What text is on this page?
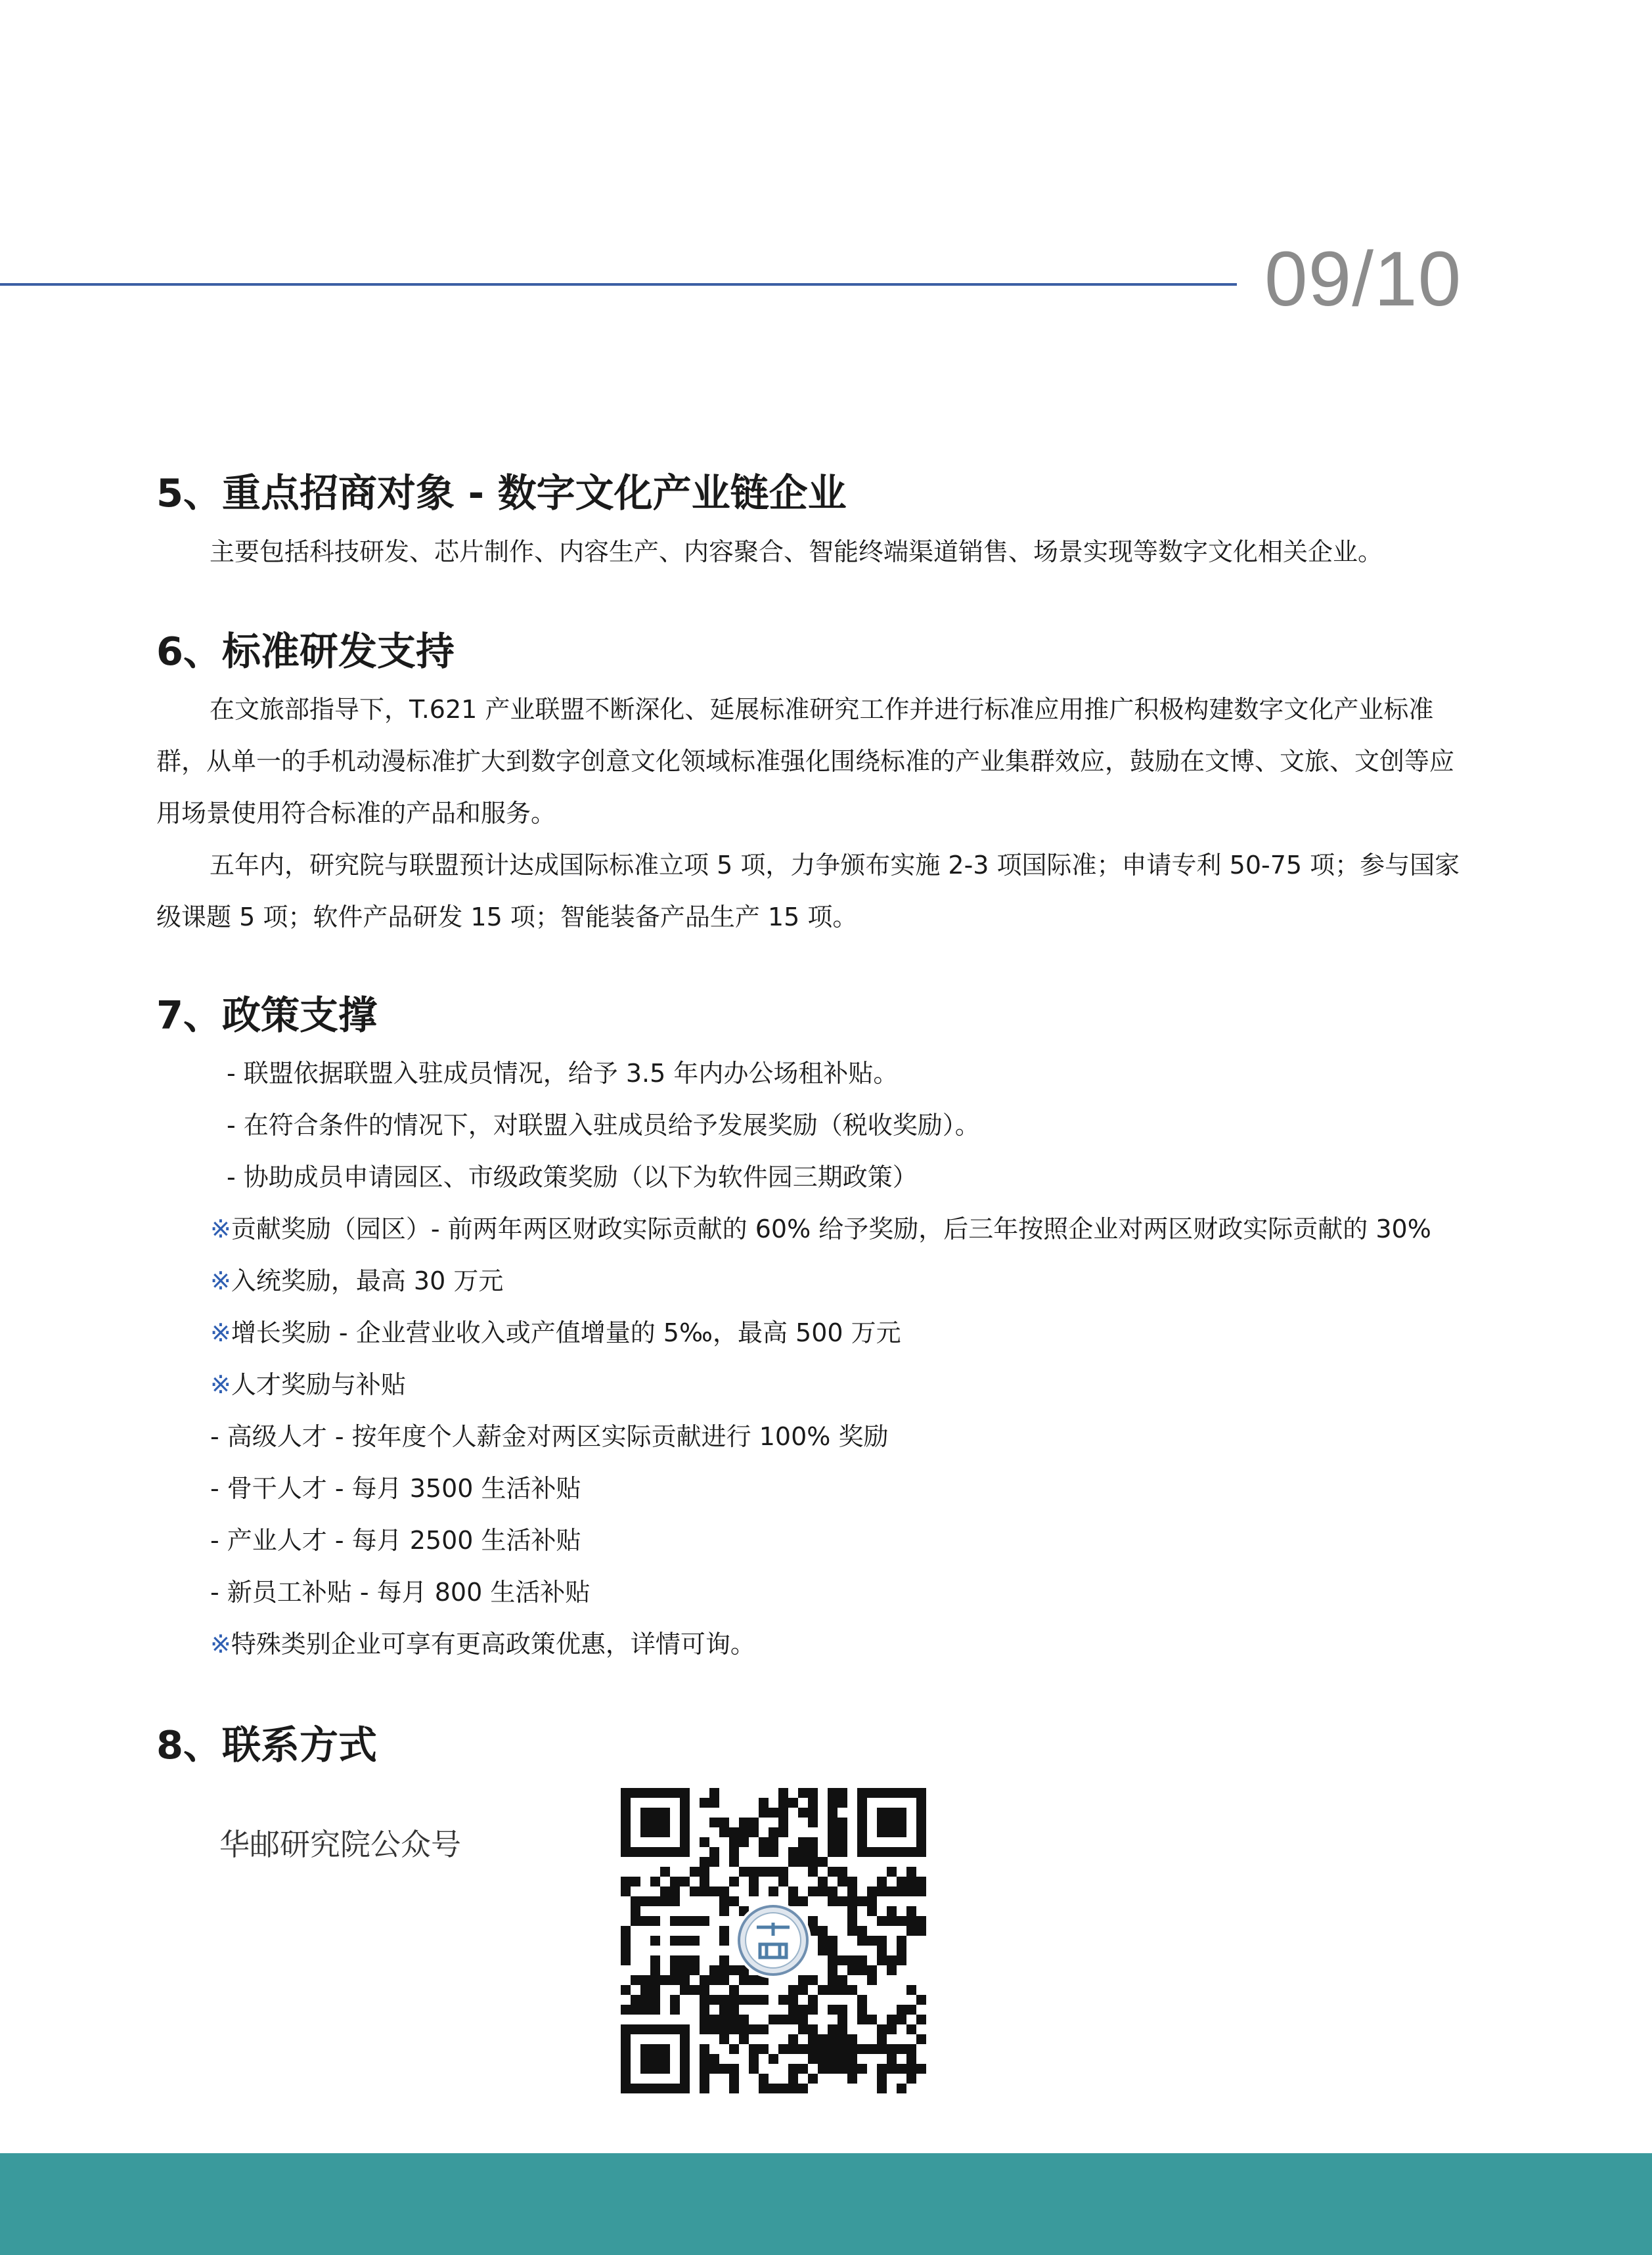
09/10
5、重点招商对象 - 数字文化产业链企业
主要包括科技研发、芯片制作、内容生产、内容聚合、智能终端渠道销售、场景实现等数字文化相关企业。
6、标准研发支持
在文旅部指导下，T.621 产业联盟不断深化、延展标准研究工作并进行标准应用推广积极构建数字文化产业标准群，从单一的手机动漫标准扩大到数字创意文化领域标准强化围绕标准的产业集群效应，鼓励在文博、文旅、文创等应用场景使用符合标准的产品和服务。
五年内，研究院与联盟预计达成国际标准立项 5 项，力争颁布实施 2-3 项国际准；申请专利 50-75 项；参与国家级课题 5 项；软件产品研发 15 项；智能装备产品生产 15 项。
7、政策支撑
- 联盟依据联盟入驻成员情况，给予 3.5 年内办公场租补贴。
- 在符合条件的情况下，对联盟入驻成员给予发展奖励（税收奖励）。
- 协助成员申请园区、市级政策奖励（以下为软件园三期政策）
※贡献奖励（园区）- 前两年两区财政实际贡献的 60% 给予奖励，后三年按照企业对两区财政实际贡献的 30%
※入统奖励，最高 30 万元
※增长奖励 - 企业营业收入或产值增量的 5‰，最高 500 万元
※人才奖励与补贴
- 高级人才 - 按年度个人薪金对两区实际贡献进行 100% 奖励
- 骨干人才 - 每月 3500 生活补贴
- 产业人才 - 每月 2500 生活补贴
- 新员工补贴 - 每月 800 生活补贴
※特殊类别企业可享有更高政策优惠，详情可询。
8、联系方式
华邮研究院公众号
